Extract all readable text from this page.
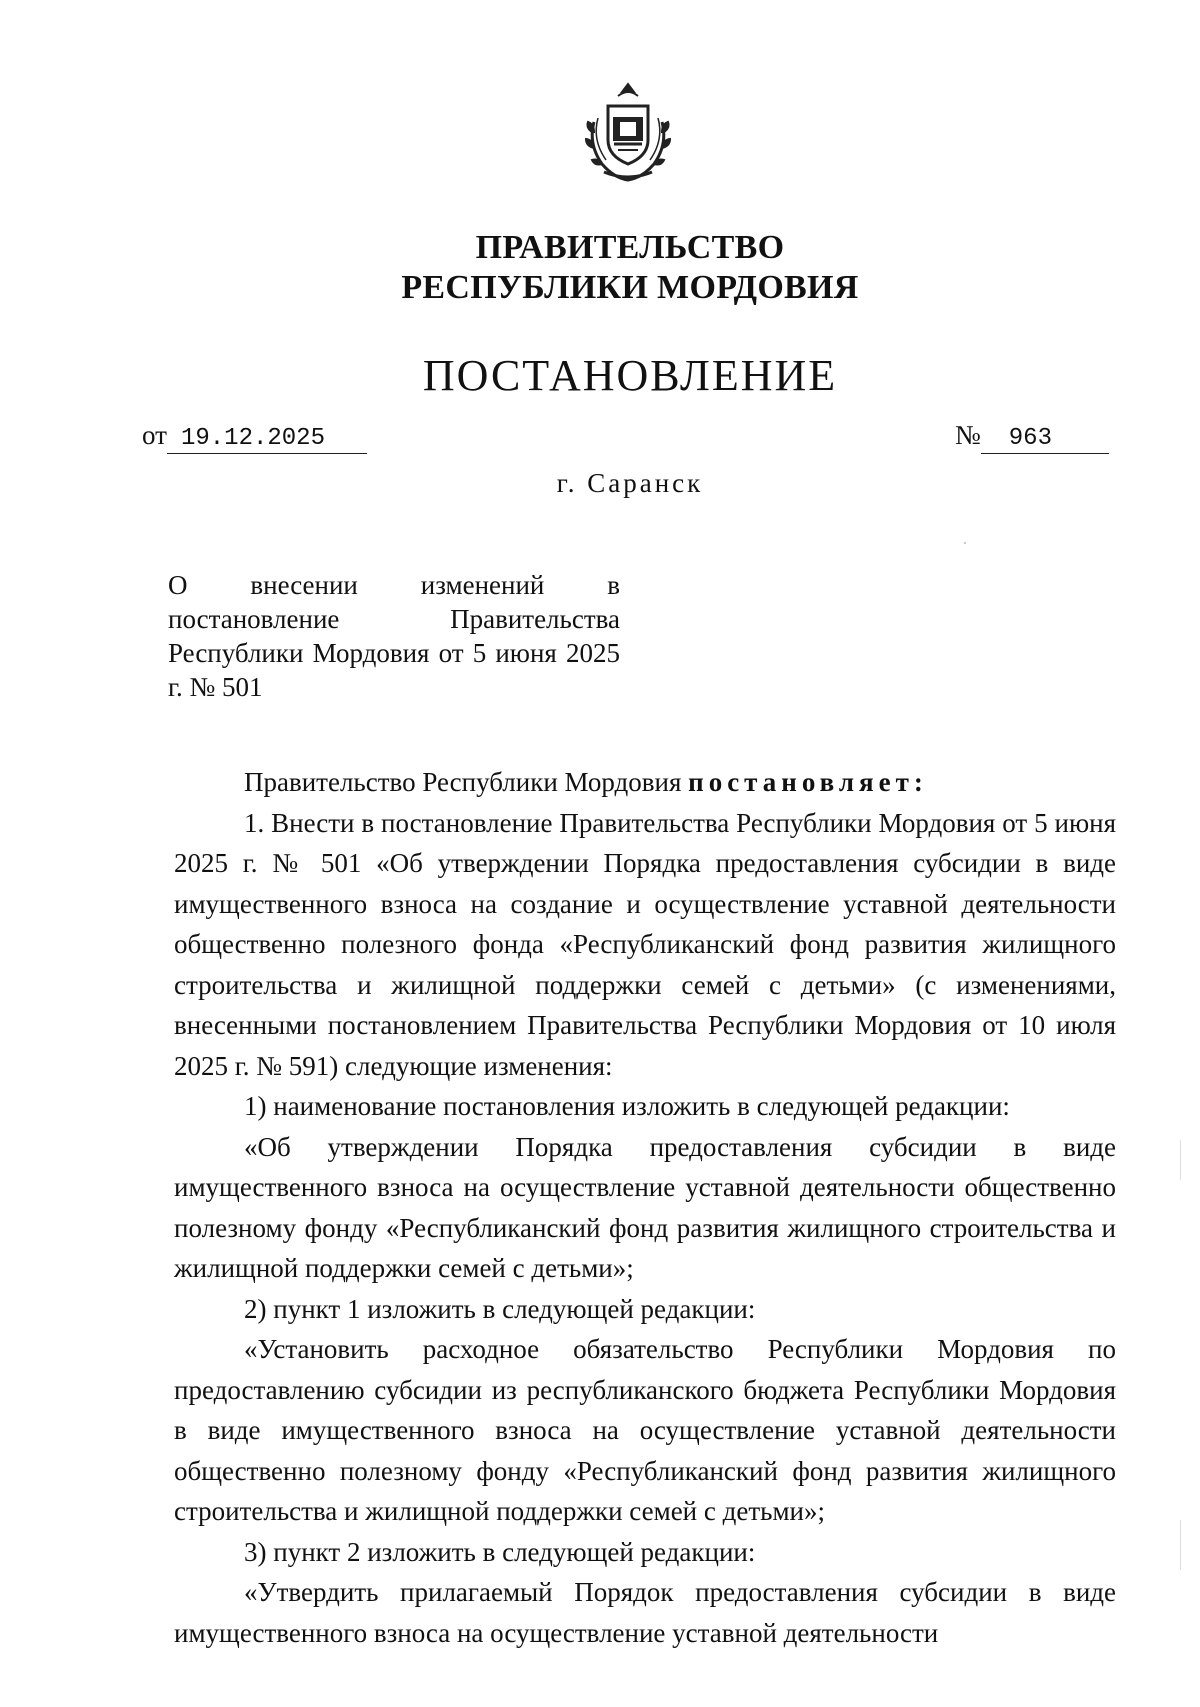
ПРАВИТЕЛЬСТВО
РЕСПУБЛИКИ МОРДОВИЯ
ПОСТАНОВЛЕНИЕ
от 19.12.2025	№ 963
г. Саранск
О внесении изменений в постановление Правительства Республики Мордовия от 5 июня 2025 г. № 501

Правительство Республики Мордовия постановляет:

1. Внести в постановление Правительства Республики Мордовия от 5 июня 2025 г. № 501 «Об утверждении Порядка предоставления субсидии в виде имущественного взноса на создание и осуществление уставной деятельности общественно полезного фонда «Республиканский фонд развития жилищного строительства и жилищной поддержки семей с детьми» (с изменениями, внесенными постановлением Правительства Республики Мордовия от 10 июля 2025 г. № 591) следующие изменения:

1) наименование постановления изложить в следующей редакции:

«Об утверждении Порядка предоставления субсидии в виде имущественного взноса на осуществление уставной деятельности общественно полезному фонду «Республиканский фонд развития жилищного строительства и жилищной поддержки семей с детьми»;

2) пункт 1 изложить в следующей редакции:

«Установить расходное обязательство Республики Мордовия по предоставлению субсидии из республиканского бюджета Республики Мордовия в виде имущественного взноса на осуществление уставной деятельности общественно полезному фонду «Республиканский фонд развития жилищного строительства и жилищной поддержки семей с детьми»;

3) пункт 2 изложить в следующей редакции:

«Утвердить прилагаемый Порядок предоставления субсидии в виде имущественного взноса на осуществление уставной деятельности
